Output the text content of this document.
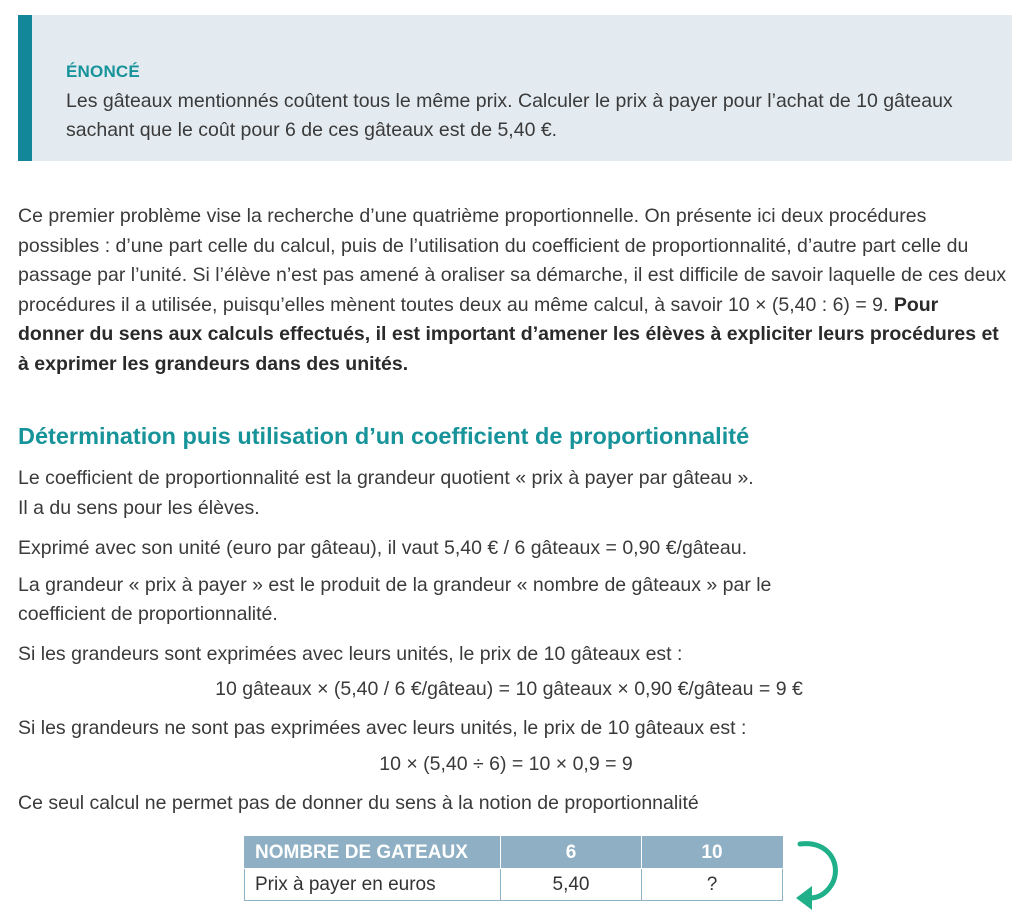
ÉNONCÉ
Les gâteaux mentionnés coûtent tous le même prix. Calculer le prix à payer pour l’achat de 10 gâteaux sachant que le coût pour 6 de ces gâteaux est de 5,40 €.
Ce premier problème vise la recherche d’une quatrième proportionnelle. On présente ici deux procédures possibles : d’une part celle du calcul, puis de l’utilisation du coefficient de proportionnalité, d’autre part celle du passage par l’unité. Si l’élève n’est pas amené à oraliser sa démarche, il est difficile de savoir laquelle de ces deux procédures il a utilisée, puisqu’elles mènent toutes deux au même calcul, à savoir 10 × (5,40 : 6) = 9. Pour donner du sens aux calculs effectués, il est important d’amener les élèves à expliciter leurs procédures et à exprimer les grandeurs dans des unités.
Détermination puis utilisation d’un coefficient de proportionnalité
Le coefficient de proportionnalité est la grandeur quotient « prix à payer par gâteau ».
Il a du sens pour les élèves.
Exprimé avec son unité (euro par gâteau), il vaut 5,40 € / 6 gâteaux = 0,90 €/gâteau.
La grandeur « prix à payer » est le produit de la grandeur « nombre de gâteaux » par le
coefficient de proportionnalité.
Si les grandeurs sont exprimées avec leurs unités, le prix de 10 gâteaux est :
10 gâteaux × (5,40 / 6 €/gâteau) = 10 gâteaux × 0,90 €/gâteau = 9 €
Si les grandeurs ne sont pas exprimées avec leurs unités, le prix de 10 gâteaux est :
10 × (5,40 ÷ 6) = 10 × 0,9 = 9
Ce seul calcul ne permet pas de donner du sens à la notion de proportionnalité
NOMBRE DE GATEAUX	6	10
Prix à payer en euros	5,40	?
